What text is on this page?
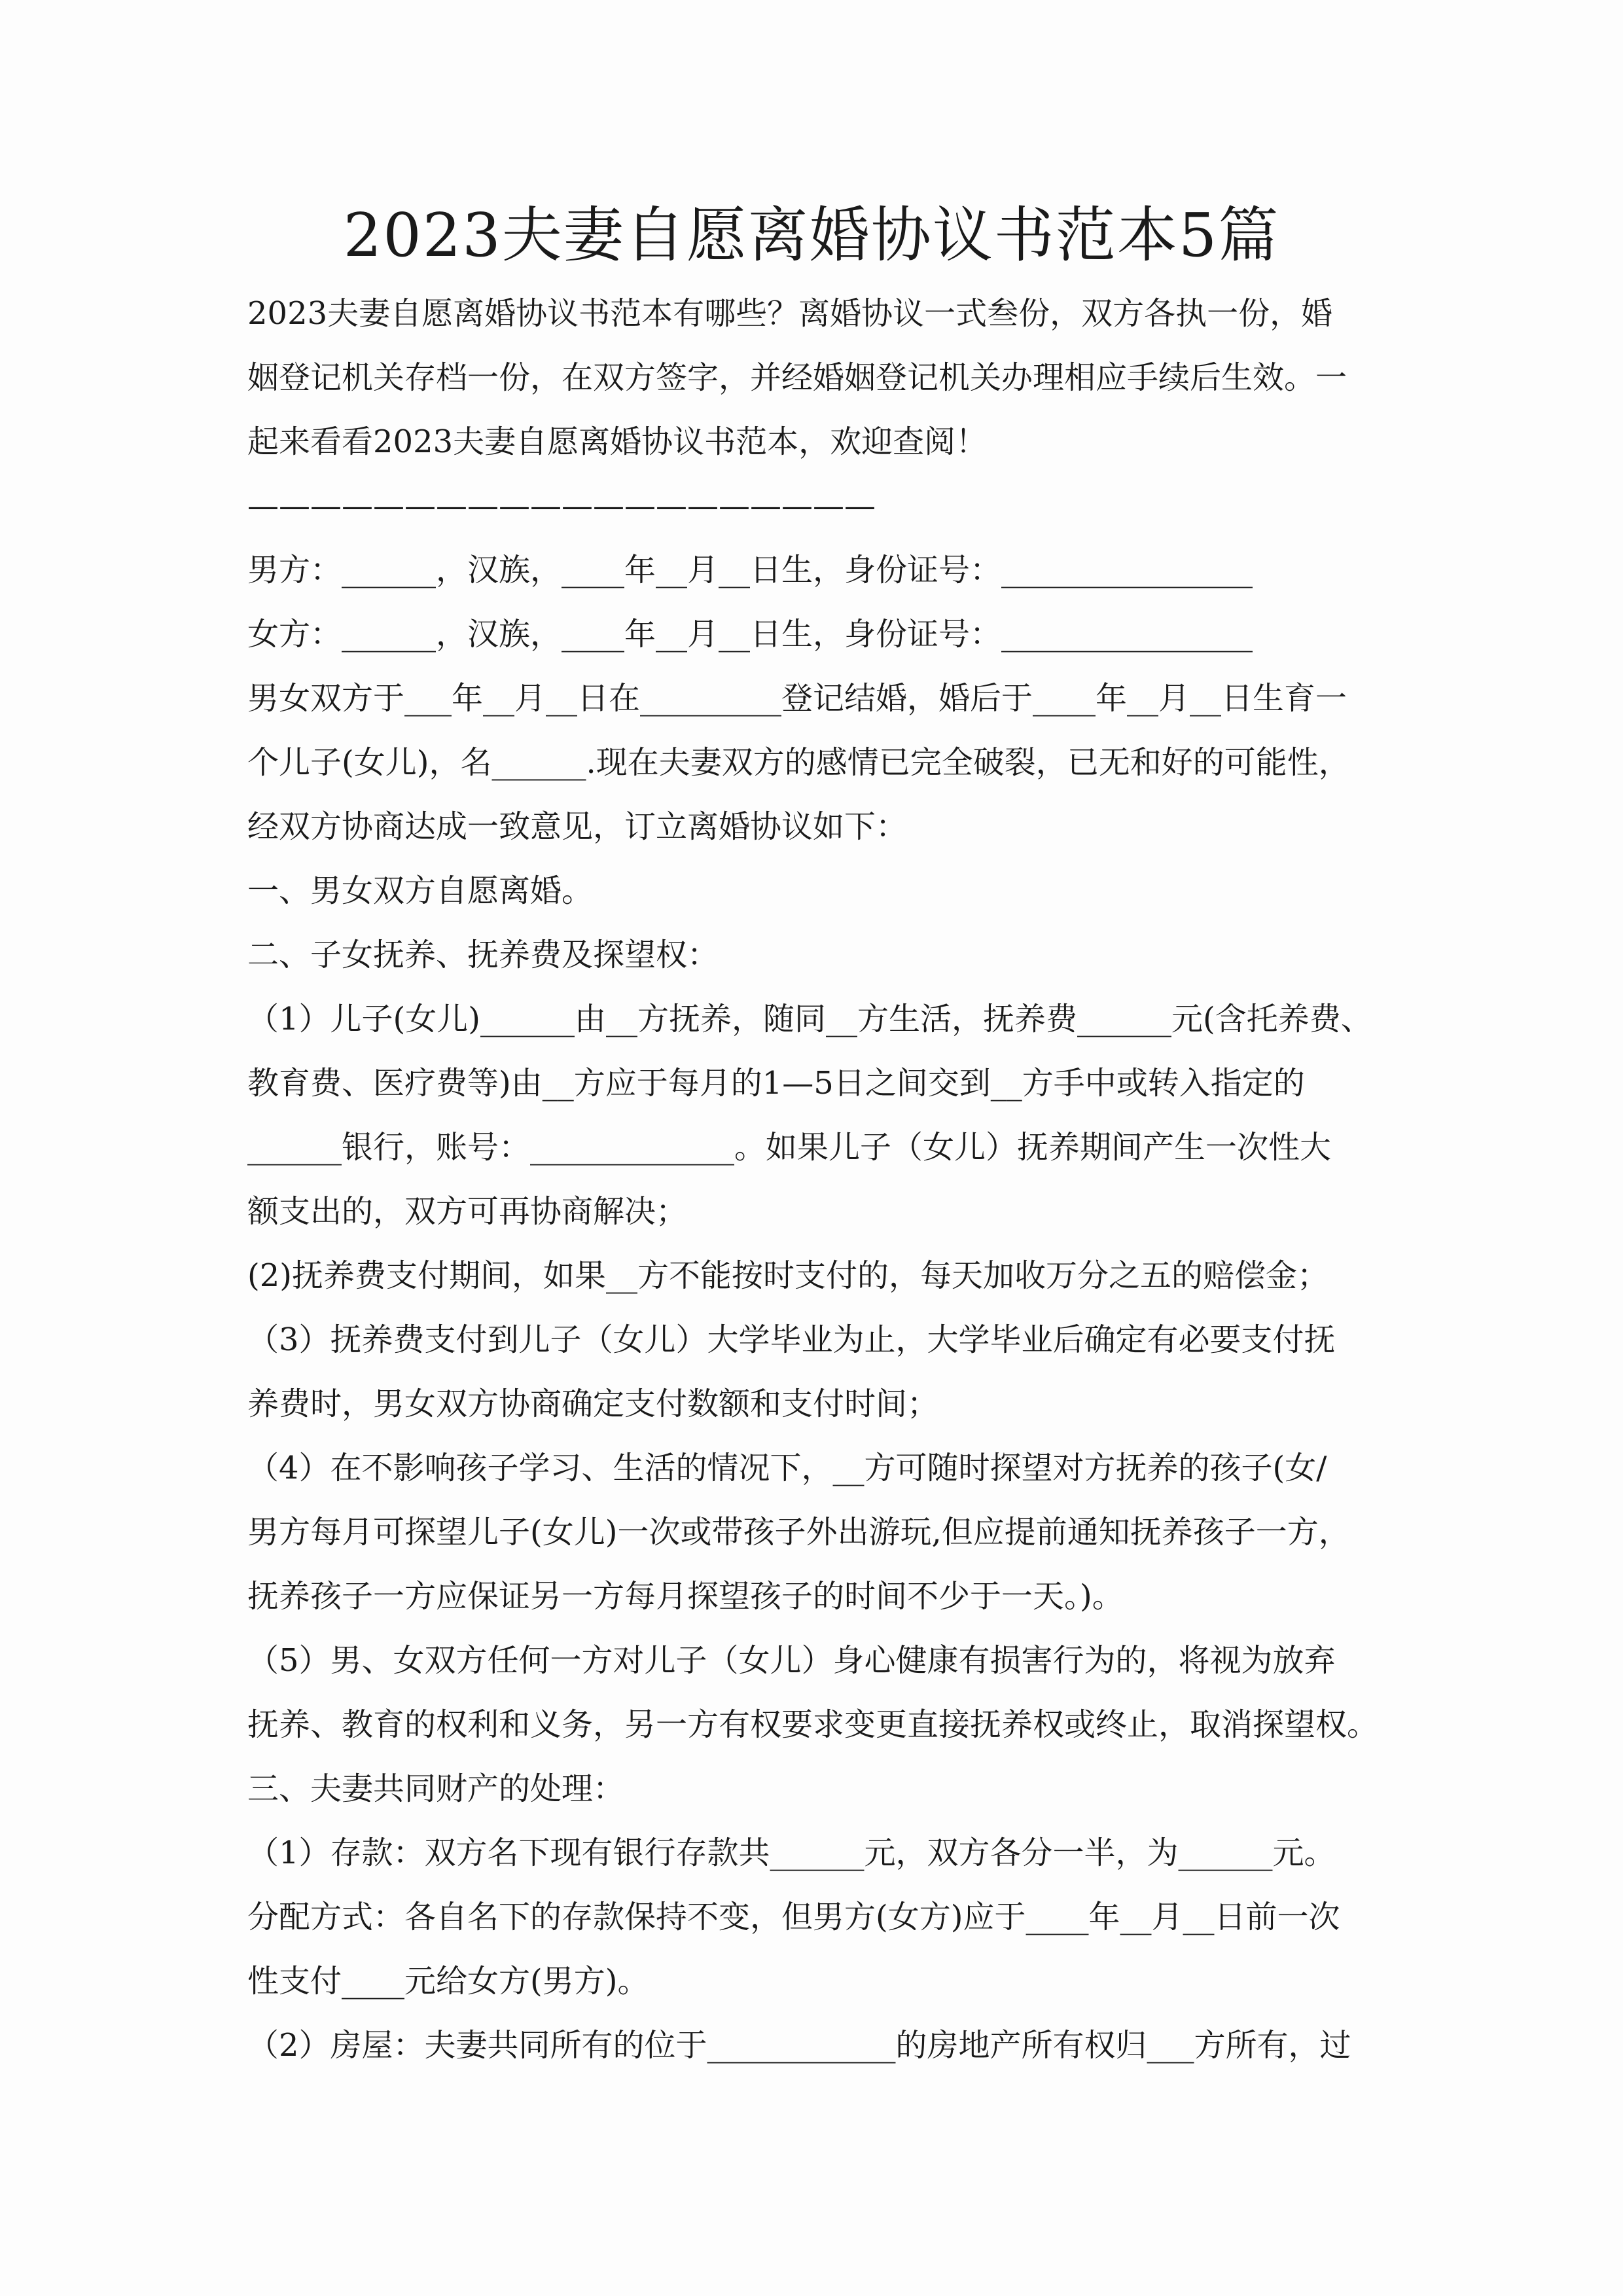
2023夫妻自愿离婚协议书范本5篇
2023夫妻自愿离婚协议书范本有哪些？离婚协议一式叁份，双方各执一份，婚
姻登记机关存档一份，在双方签字，并经婚姻登记机关办理相应手续后生效。一
起来看看2023夫妻自愿离婚协议书范本，欢迎查阅！
————————————————————
男方：______，汉族，____年__月__日生，身份证号：________________
女方：______，汉族，____年__月__日生，身份证号：________________
男女双方于___年__月__日在_________登记结婚，婚后于____年__月__日生育一
个儿子(女儿)，名______.现在夫妻双方的感情已完全破裂，已无和好的可能性，
经双方协商达成一致意见，订立离婚协议如下：
一、男女双方自愿离婚。
二、子女抚养、抚养费及探望权：
（1）儿子(女儿)______由__方抚养，随同__方生活，抚养费______元(含托养费、
教育费、医疗费等)由__方应于每月的1—5日之间交到__方手中或转入指定的
______银行，账号：_____________。如果儿子（女儿）抚养期间产生一次性大
额支出的，双方可再协商解决；
(2)抚养费支付期间，如果__方不能按时支付的，每天加收万分之五的赔偿金；
（3）抚养费支付到儿子（女儿）大学毕业为止，大学毕业后确定有必要支付抚
养费时，男女双方协商确定支付数额和支付时间；
（4）在不影响孩子学习、生活的情况下，__方可随时探望对方抚养的孩子(女/
男方每月可探望儿子(女儿)一次或带孩子外出游玩,但应提前通知抚养孩子一方，
抚养孩子一方应保证另一方每月探望孩子的时间不少于一天。)。
（5）男、女双方任何一方对儿子（女儿）身心健康有损害行为的，将视为放弃
抚养、教育的权利和义务，另一方有权要求变更直接抚养权或终止，取消探望权。
三、夫妻共同财产的处理：
（1）存款：双方名下现有银行存款共______元，双方各分一半，为______元。
分配方式：各自名下的存款保持不变，但男方(女方)应于____年__月__日前一次
性支付____元给女方(男方)。
（2）房屋：夫妻共同所有的位于____________的房地产所有权归___方所有，过
